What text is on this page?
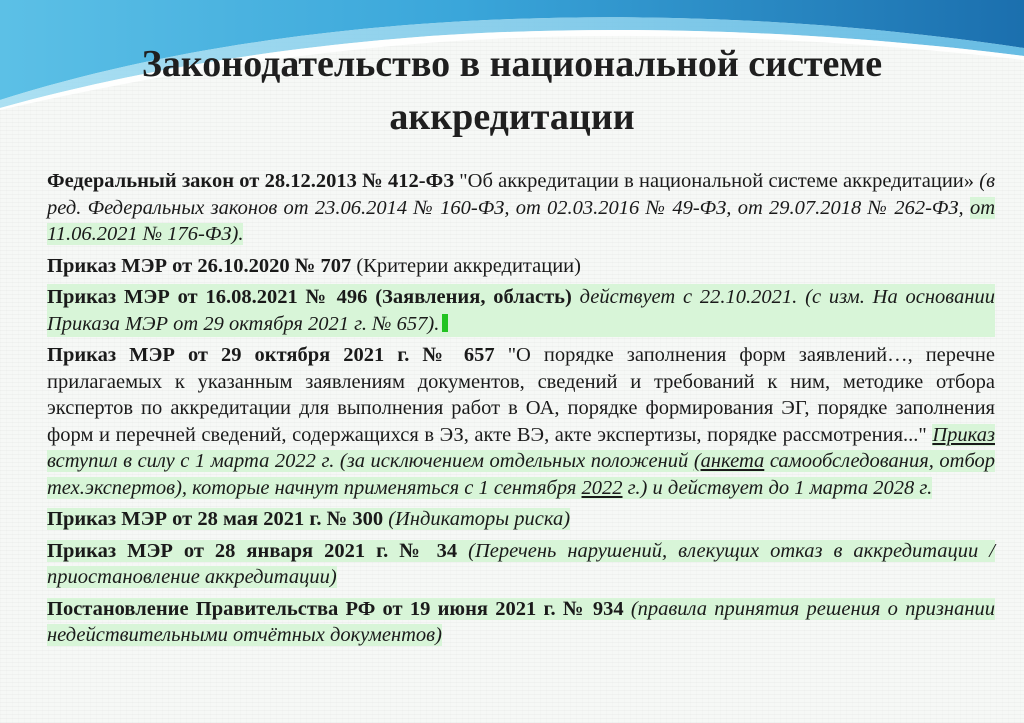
Законодательство в национальной системе
аккредитации

Федеральный закон от 28.12.2013 № 412-ФЗ "Об аккредитации в национальной системе аккредитации» (в ред. Федеральных законов от 23.06.2014 № 160-ФЗ, от 02.03.2016 № 49-ФЗ, от 29.07.2018 № 262-ФЗ, от 11.06.2021 № 176-ФЗ).

Приказ МЭР от 26.10.2020 № 707 (Критерии аккредитации)

Приказ МЭР от 16.08.2021 № 496 (Заявления, область) действует с 22.10.2021. (с изм. На основании Приказа МЭР от 29 октября 2021 г. № 657).

Приказ МЭР от 29 октября 2021 г. № 657 "О порядке заполнения форм заявлений…, перечне прилагаемых к указанным заявлениям документов, сведений и требований к ним, методике отбора экспертов по аккредитации для выполнения работ в ОА, порядке формирования ЭГ, порядке заполнения форм и перечней сведений, содержащихся в ЭЗ, акте ВЭ, акте экспертизы, порядке рассмотрения..." Приказ вступил в силу с 1 марта 2022 г. (за исключением отдельных положений (анкета самообследования, отбор тех.экспертов), которые начнут применяться с 1 сентября 2022 г.) и действует до 1 марта 2028 г.

Приказ МЭР от 28 мая 2021 г. № 300 (Индикаторы риска)

Приказ МЭР от 28 января 2021 г. № 34 (Перечень нарушений, влекущих отказ в аккредитации / приостановление аккредитации)

Постановление Правительства РФ от 19 июня 2021 г. № 934 (правила принятия решения о признании недействительными отчётных документов)
